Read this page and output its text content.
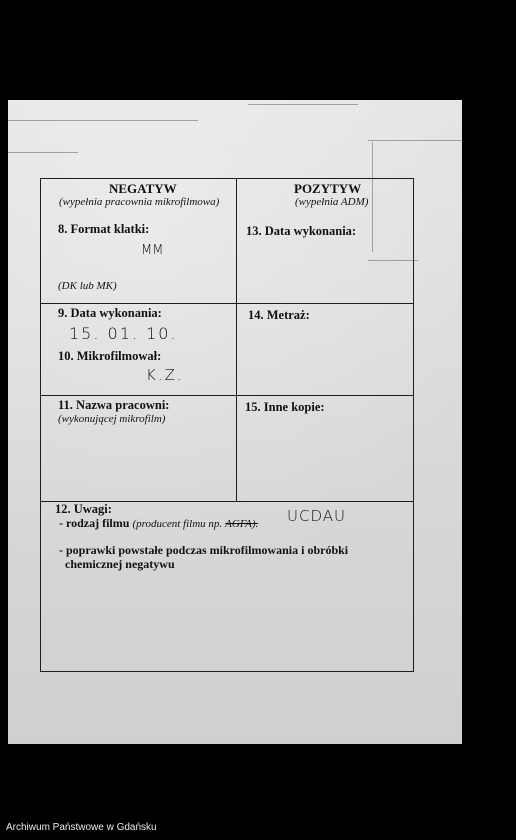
NEGATYW
(wypełnia pracownia mikrofilmowa)
POZYTYW
(wypełnia ADM)
8. Format klatki:
MM
(DK lub MK)
13. Data wykonania:
9. Data wykonania:
15. 01. 10.
10. Mikrofilmował:
K.Z.
14. Metraż:
11. Nazwa pracowni:
(wykonującej mikrofilm)
15. Inne kopie:
12. Uwagi:
- rodzaj filmu (producent filmu np. AGFA). UCDAU
- poprawki powstałe podczas mikrofilmowania i obróbki
chemicznej negatywu
Archiwum Państwowe w Gdańsku
